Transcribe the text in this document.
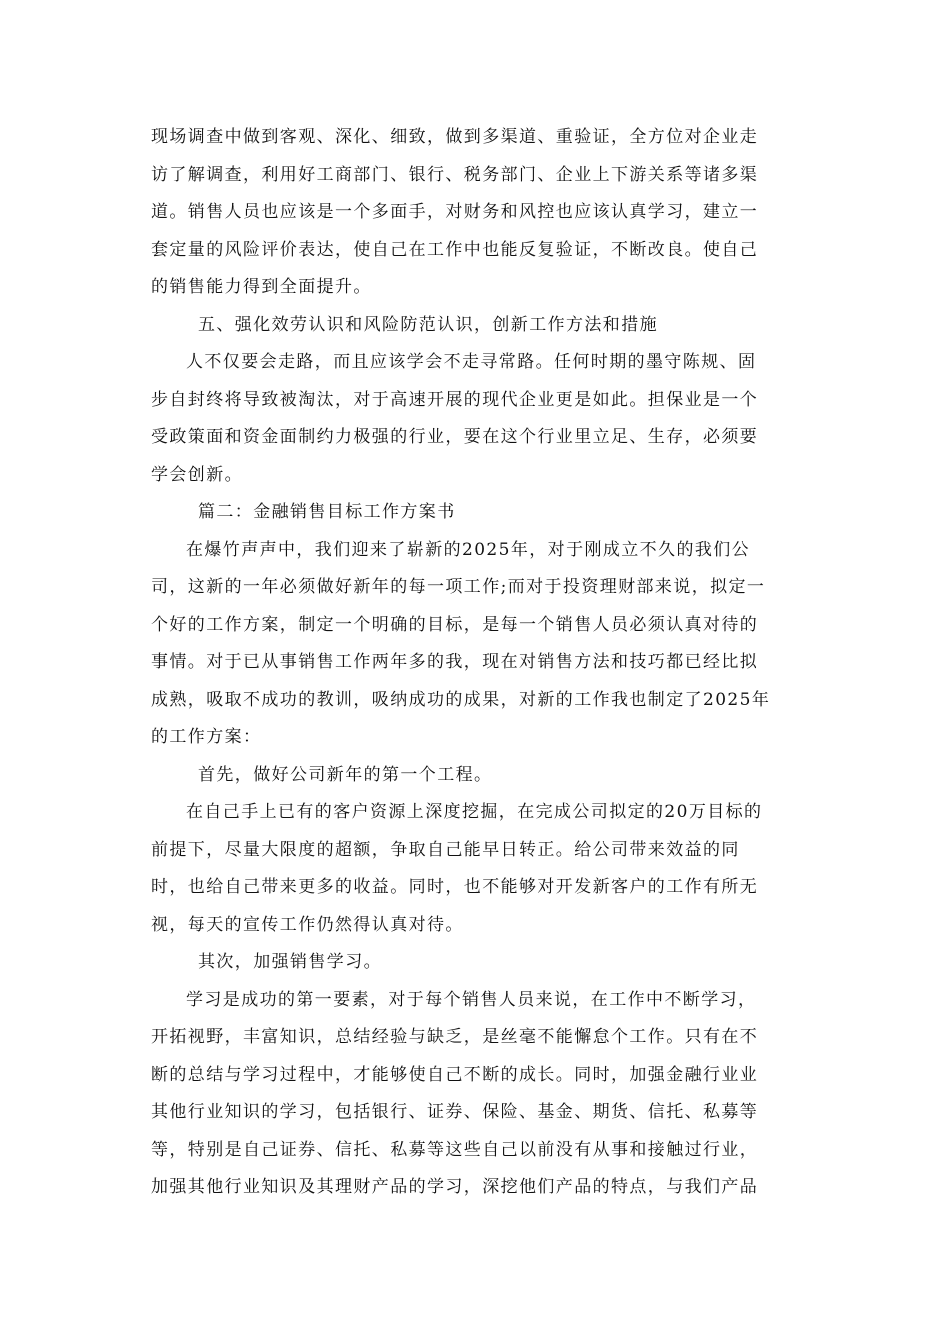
现场调查中做到客观、深化、细致，做到多渠道、重验证，全方位对企业走
访了解调查，利用好工商部门、银行、税务部门、企业上下游关系等诸多渠
道。销售人员也应该是一个多面手，对财务和风控也应该认真学习，建立一
套定量的风险评价表达，使自己在工作中也能反复验证，不断改良。使自己
的销售能力得到全面提升。
五、强化效劳认识和风险防范认识，创新工作方法和措施
人不仅要会走路，而且应该学会不走寻常路。任何时期的墨守陈规、固
步自封终将导致被淘汰，对于高速开展的现代企业更是如此。担保业是一个
受政策面和资金面制约力极强的行业，要在这个行业里立足、生存，必须要
学会创新。
篇二：金融销售目标工作方案书
在爆竹声声中，我们迎来了崭新的2025年，对于刚成立不久的我们公
司，这新的一年必须做好新年的每一项工作;而对于投资理财部来说，拟定一
个好的工作方案，制定一个明确的目标，是每一个销售人员必须认真对待的
事情。对于已从事销售工作两年多的我，现在对销售方法和技巧都已经比拟
成熟，吸取不成功的教训，吸纳成功的成果，对新的工作我也制定了2025年
的工作方案：
首先，做好公司新年的第一个工程。
在自己手上已有的客户资源上深度挖掘，在完成公司拟定的20万目标的
前提下，尽量大限度的超额，争取自己能早日转正。给公司带来效益的同
时，也给自己带来更多的收益。同时，也不能够对开发新客户的工作有所无
视，每天的宣传工作仍然得认真对待。
其次，加强销售学习。
学习是成功的第一要素，对于每个销售人员来说，在工作中不断学习，
开拓视野，丰富知识，总结经验与缺乏，是丝毫不能懈怠个工作。只有在不
断的总结与学习过程中，才能够使自己不断的成长。同时，加强金融行业业
其他行业知识的学习，包括银行、证券、保险、基金、期货、信托、私募等
等，特别是自己证券、信托、私募等这些自己以前没有从事和接触过行业，
加强其他行业知识及其理财产品的学习，深挖他们产品的特点，与我们产品
